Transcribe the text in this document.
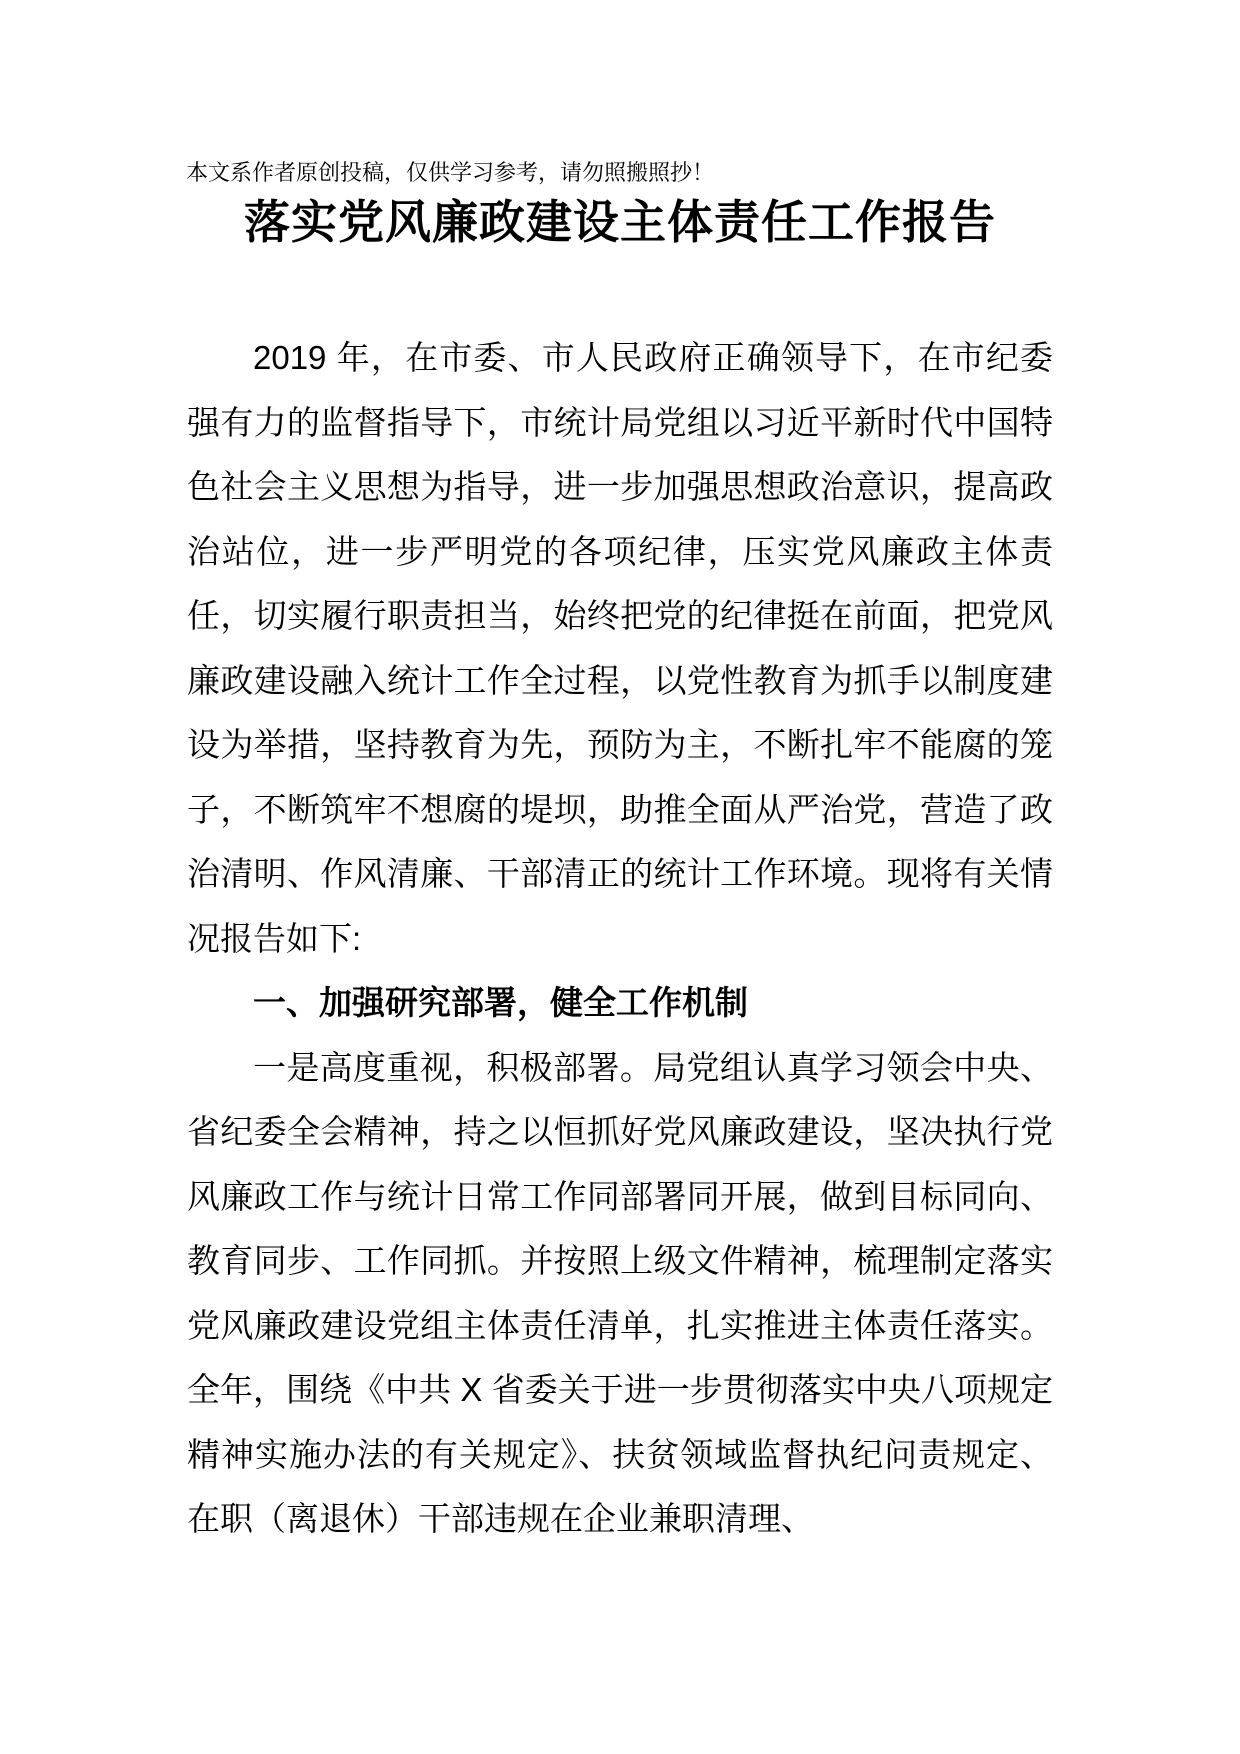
本文系作者原创投稿，仅供学习参考，请勿照搬照抄！
落实党风廉政建设主体责任工作报告

2019 年，在市委、市人民政府正确领导下，在市纪委强有力的监督指导下，市统计局党组以习近平新时代中国特色社会主义思想为指导，进一步加强思想政治意识，提高政治站位，进一步严明党的各项纪律，压实党风廉政主体责任，切实履行职责担当，始终把党的纪律挺在前面，把党风廉政建设融入统计工作全过程，以党性教育为抓手以制度建设为举措，坚持教育为先，预防为主，不断扎牢不能腐的笼子，不断筑牢不想腐的堤坝，助推全面从严治党，营造了政治清明、作风清廉、干部清正的统计工作环境。现将有关情况报告如下:

一、加强研究部署，健全工作机制

一是高度重视，积极部署。局党组认真学习领会中央、省纪委全会精神，持之以恒抓好党风廉政建设，坚决执行党风廉政工作与统计日常工作同部署同开展，做到目标同向、教育同步、工作同抓。并按照上级文件精神，梳理制定落实党风廉政建设党组主体责任清单，扎实推进主体责任落实。全年，围绕《中共 X 省委关于进一步贯彻落实中央八项规定精神实施办法的有关规定》、扶贫领域监督执纪问责规定、在职（离退休）干部违规在企业兼职清理、
